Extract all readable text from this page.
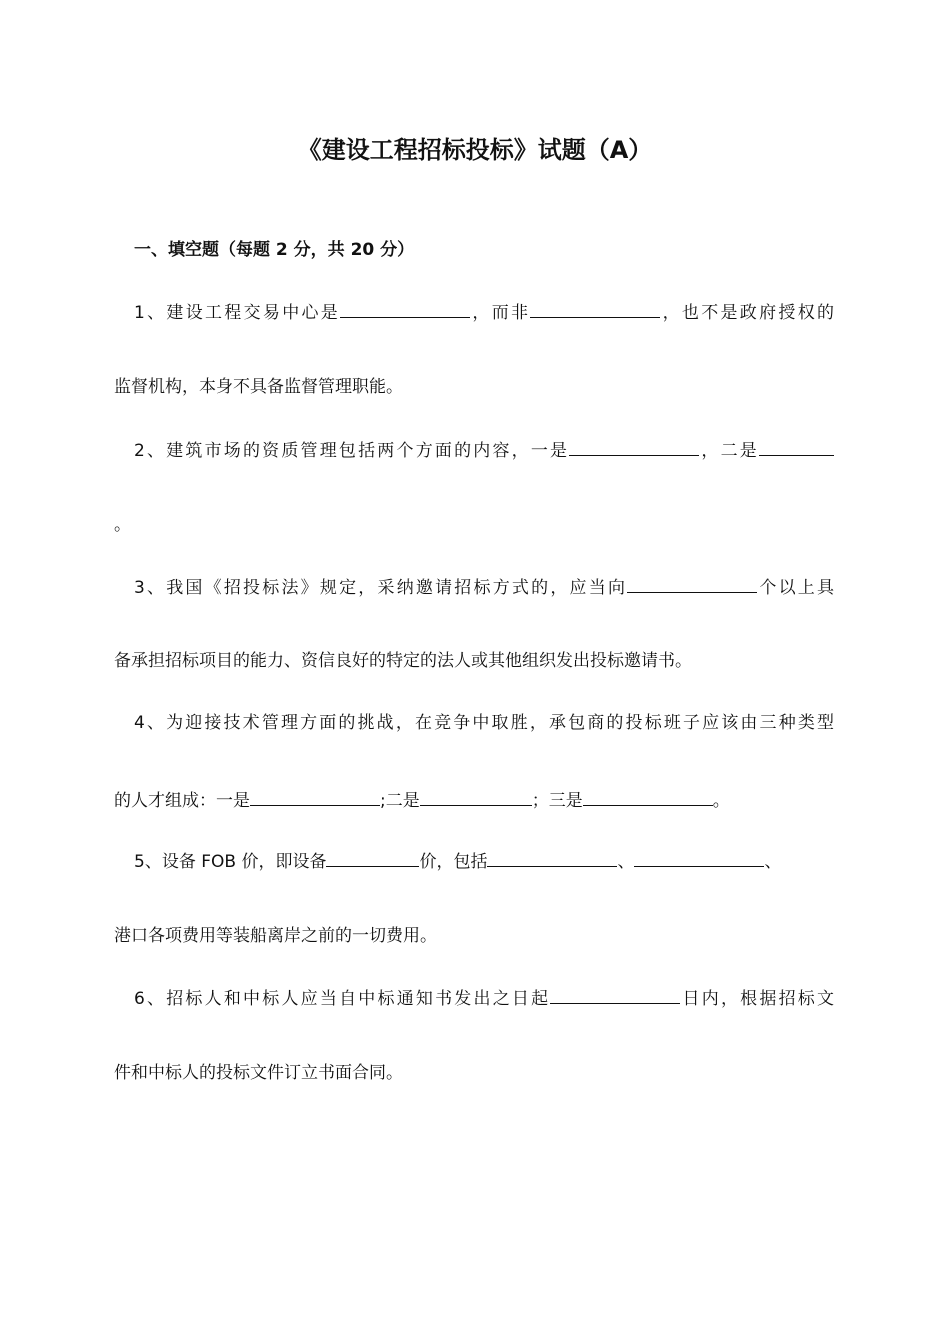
《建设工程招标投标》试题（A）
一、填空题（每题 2 分，共 20 分）

1、建设工程交易中心是	，而非	，也不是政府授权的

监督机构，本身不具备监督管理职能。

2、建筑市场的资质管理包括两个方面的内容，一是	，二是

。

3、我国《招投标法》规定，采纳邀请招标方式的，应当向	个以上具

备承担招标项目的能力、资信良好的特定的法人或其他组织发出投标邀请书。

4、为迎接技术管理方面的挑战，在竞争中取胜，承包商的投标班子应该由三种类型

的人才组成：一是	;二是	；三是	。

5、设备 FOB 价，即设备	价，包括	、	、

港口各项费用等装船离岸之前的一切费用。

6、招标人和中标人应当自中标通知书发出之日起	日内，根据招标文

件和中标人的投标文件订立书面合同。
